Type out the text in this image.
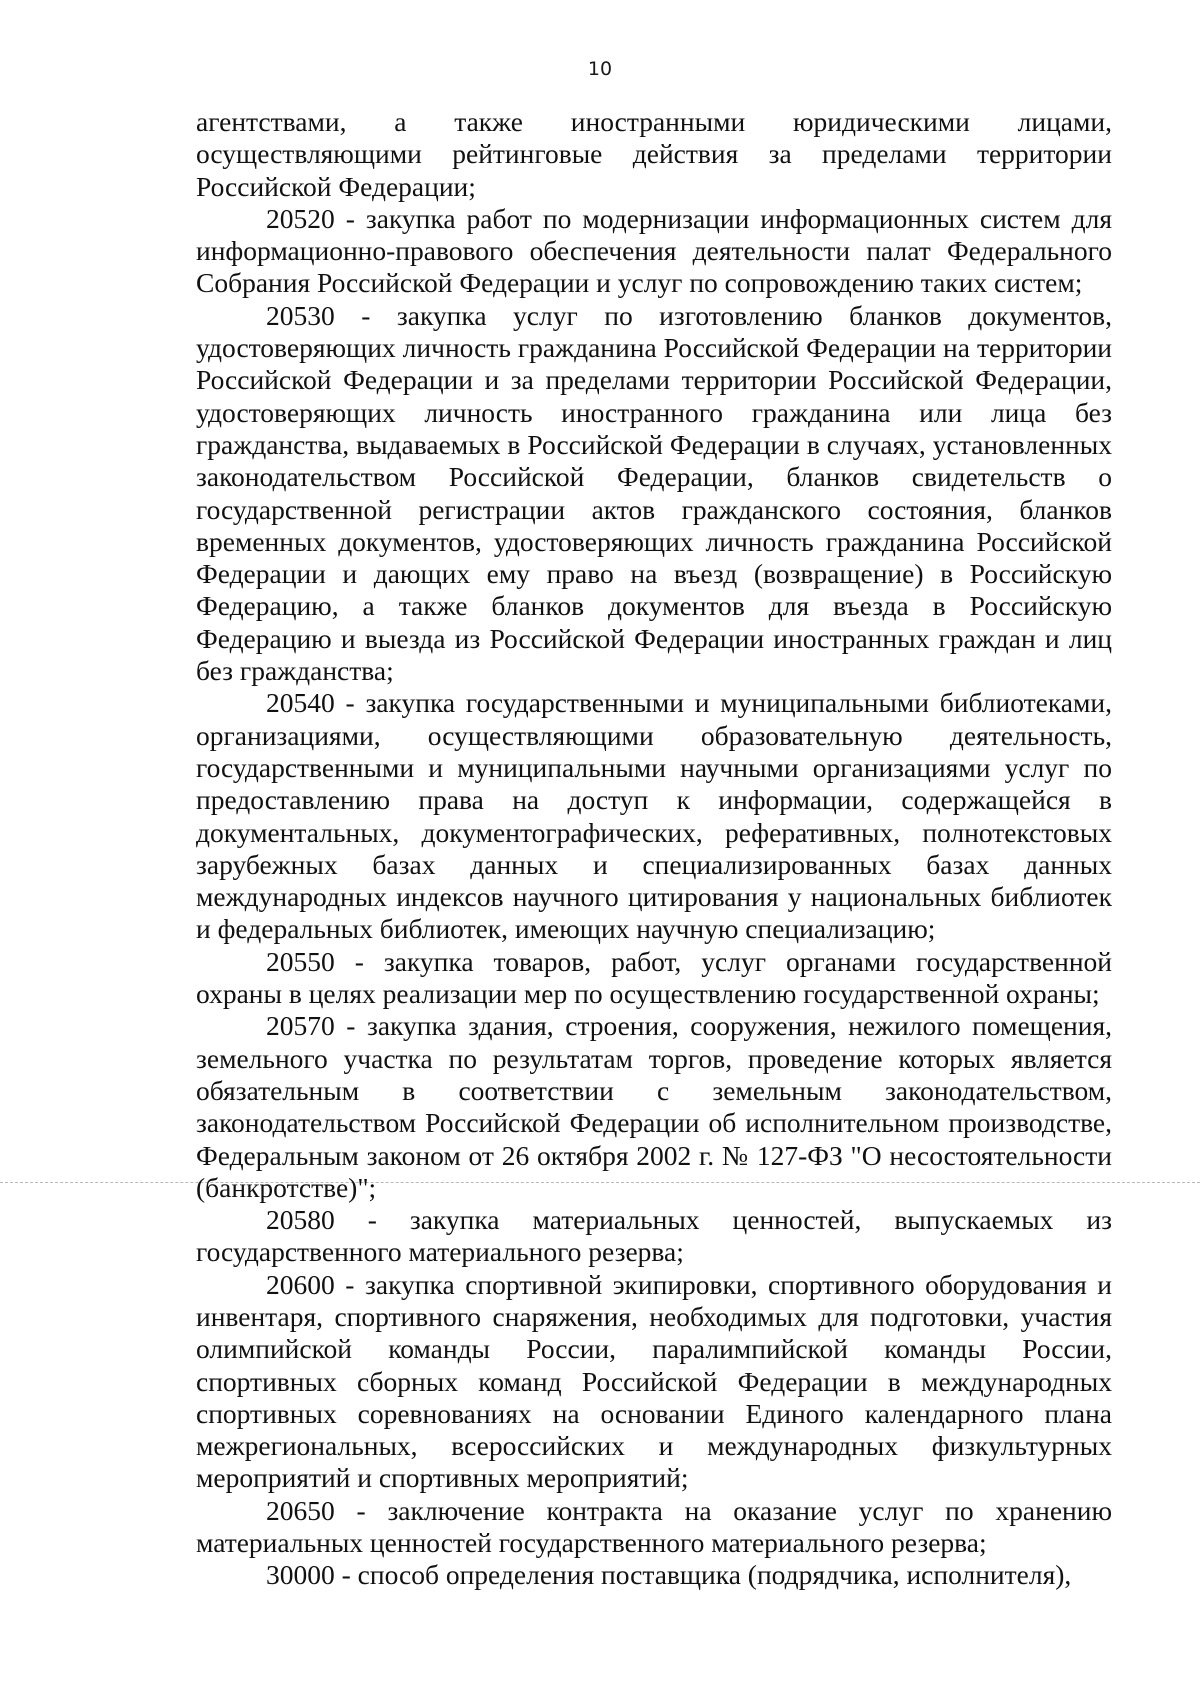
10

агентствами, а также иностранными юридическими лицами, осуществляющими рейтинговые действия за пределами территории Российской Федерации;

20520 - закупка работ по модернизации информационных систем для информационно-правового обеспечения деятельности палат Федерального Собрания Российской Федерации и услуг по сопровождению таких систем;

20530 - закупка услуг по изготовлению бланков документов, удостоверяющих личность гражданина Российской Федерации на территории Российской Федерации и за пределами территории Российской Федерации, удостоверяющих личность иностранного гражданина или лица без гражданства, выдаваемых в Российской Федерации в случаях, установленных законодательством Российской Федерации, бланков свидетельств о государственной регистрации актов гражданского состояния, бланков временных документов, удостоверяющих личность гражданина Российской Федерации и дающих ему право на въезд (возвращение) в Российскую Федерацию, а также бланков документов для въезда в Российскую Федерацию и выезда из Российской Федерации иностранных граждан и лиц без гражданства;

20540 - закупка государственными и муниципальными библиотеками, организациями, осуществляющими образовательную деятельность, государственными и муниципальными научными организациями услуг по предоставлению права на доступ к информации, содержащейся в документальных, документографических, реферативных, полнотекстовых зарубежных базах данных и специализированных базах данных международных индексов научного цитирования у национальных библиотек и федеральных библиотек, имеющих научную специализацию;

20550 - закупка товаров, работ, услуг органами государственной охраны в целях реализации мер по осуществлению государственной охраны;

20570 - закупка здания, строения, сооружения, нежилого помещения, земельного участка по результатам торгов, проведение которых является обязательным в соответствии с земельным законодательством, законодательством Российской Федерации об исполнительном производстве, Федеральным законом от 26 октября 2002 г. № 127-ФЗ "О несостоятельности (банкротстве)";

20580 - закупка материальных ценностей, выпускаемых из государственного материального резерва;

20600 - закупка спортивной экипировки, спортивного оборудования и инвентаря, спортивного снаряжения, необходимых для подготовки, участия олимпийской команды России, паралимпийской команды России, спортивных сборных команд Российской Федерации в международных спортивных соревнованиях на основании Единого календарного плана межрегиональных, всероссийских и международных физкультурных мероприятий и спортивных мероприятий;

20650 - заключение контракта на оказание услуг по хранению материальных ценностей государственного материального резерва;

30000 - способ определения поставщика (подрядчика, исполнителя),
